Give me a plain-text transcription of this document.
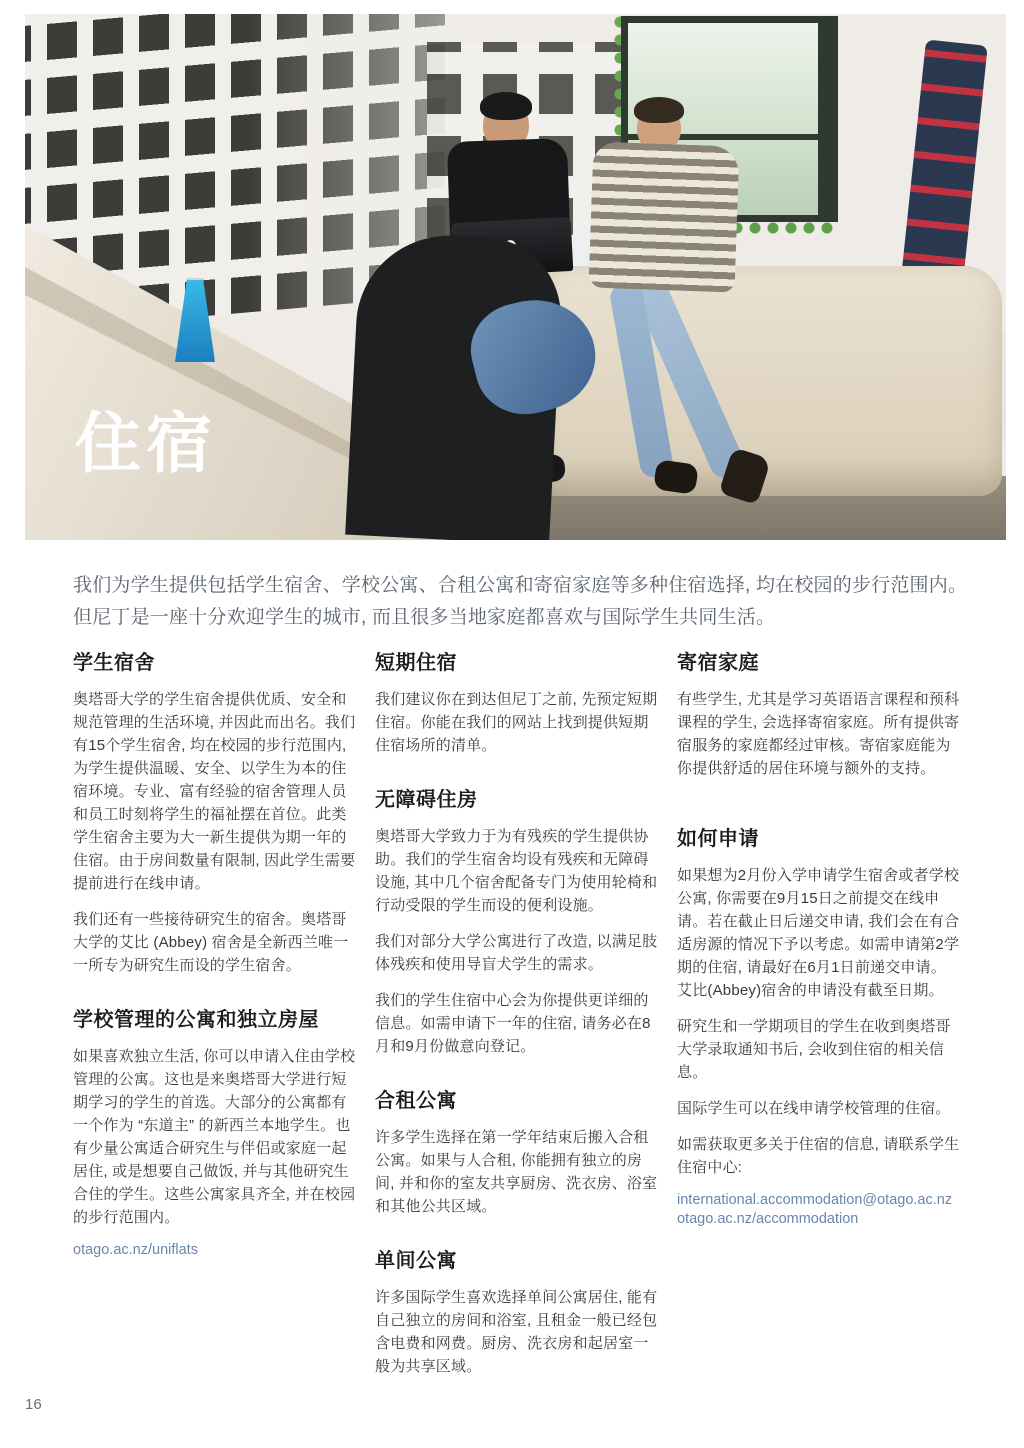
住宿
我们为学生提供包括学生宿舍、学校公寓、合租公寓和寄宿家庭等多种住宿选择, 均在校园的步行范围内。但尼丁是一座十分欢迎学生的城市, 而且很多当地家庭都喜欢与国际学生共同生活。
学生宿舍

奥塔哥大学的学生宿舍提供优质、安全和规范管理的生活环境, 并因此而出名。我们有15个学生宿舍, 均在校园的步行范围内, 为学生提供温暖、安全、以学生为本的住宿环境。专业、富有经验的宿舍管理人员和员工时刻将学生的福祉摆在首位。此类学生宿舍主要为大一新生提供为期一年的住宿。由于房间数量有限制, 因此学生需要提前进行在线申请。

我们还有一些接待研究生的宿舍。奥塔哥大学的艾比 (Abbey) 宿舍是全新西兰唯一一所专为研究生而设的学生宿舍。

学校管理的公寓和独立房屋

如果喜欢独立生活, 你可以申请入住由学校管理的公寓。这也是来奥塔哥大学进行短期学习的学生的首选。大部分的公寓都有一个作为 “东道主” 的新西兰本地学生。也有少量公寓适合研究生与伴侣或家庭一起居住, 或是想要自己做饭, 并与其他研究生合住的学生。这些公寓家具齐全, 并在校园的步行范围内。

otago.ac.nz/uniflats
短期住宿

我们建议你在到达但尼丁之前, 先预定短期住宿。你能在我们的网站上找到提供短期住宿场所的清单。

无障碍住房

奥塔哥大学致力于为有残疾的学生提供协助。我们的学生宿舍均设有残疾和无障碍设施, 其中几个宿舍配备专门为使用轮椅和行动受限的学生而设的便利设施。

我们对部分大学公寓进行了改造, 以满足肢体残疾和使用导盲犬学生的需求。

我们的学生住宿中心会为你提供更详细的信息。如需申请下一年的住宿, 请务必在8月和9月份做意向登记。

合租公寓

许多学生选择在第一学年结束后搬入合租公寓。如果与人合租, 你能拥有独立的房间, 并和你的室友共享厨房、洗衣房、浴室和其他公共区域。

单间公寓

许多国际学生喜欢选择单间公寓居住, 能有自己独立的房间和浴室, 且租金一般已经包含电费和网费。厨房、洗衣房和起居室一般为共享区域。

寄宿家庭

有些学生, 尤其是学习英语语言课程和预科课程的学生, 会选择寄宿家庭。所有提供寄宿服务的家庭都经过审核。寄宿家庭能为你提供舒适的居住环境与额外的支持。

如何申请

如果想为2月份入学申请学生宿舍或者学校公寓, 你需要在9月15日之前提交在线申请。若在截止日后递交申请, 我们会在有合适房源的情况下予以考虑。如需申请第2学期的住宿, 请最好在6月1日前递交申请。艾比(Abbey)宿舍的申请没有截至日期。

研究生和一学期项目的学生在收到奥塔哥大学录取通知书后, 会收到住宿的相关信息。

国际学生可以在线申请学校管理的住宿。

如需获取更多关于住宿的信息, 请联系学生住宿中心:

international.accommodation@otago.ac.nz
otago.ac.nz/accommodation
16
